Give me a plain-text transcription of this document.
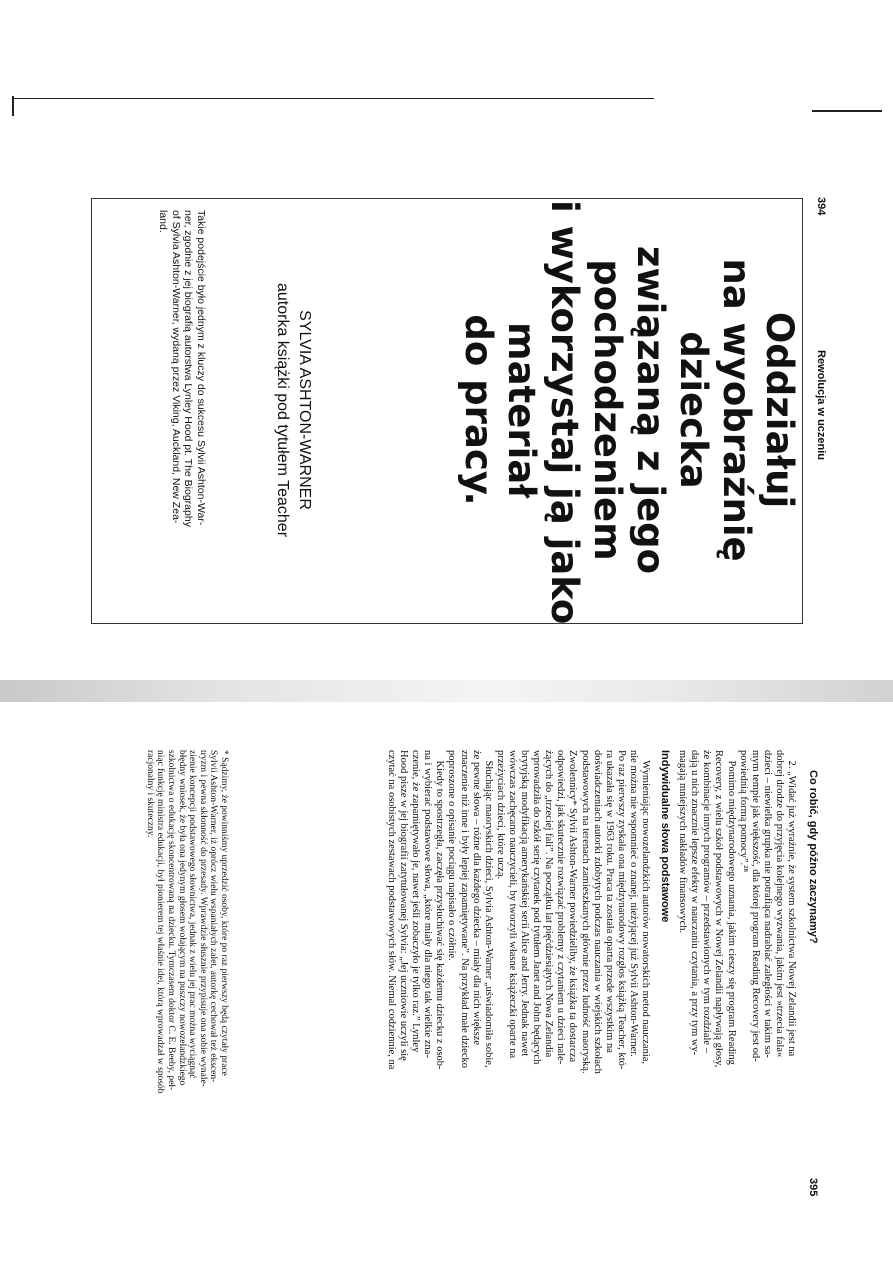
394
Rewolucja w uczeniu
Oddziałuj
na wyobraźnię
dziecka
związaną z jego
pochodzeniem
i wykorzystaj ją jako
materiał
do pracy.
SYLVIA ASHTON-WARNER
autorka książki pod tytułem Teacher
Takie podejście było jednym z kluczy do sukcesu Sylvii Ashton-War-
ner, zgodnie z jej biografią autorstwa Lynley Hood pt. The Biography
of Sylvia Ashton-Warner, wydaną przez Viking, Auckland, New Zea-
land.
Co robić, gdy późno zaczynamy?
395
2. „Widać już wyraźnie, że system szkolnictwa Nowej Zelandii jest na
dobrej drodze do przyjęcia kolejnego wyzwania, jakim jest »trzecia fala«
dzieci – niewielka grupka nie potrafiąca nadrabiać zaległości w takim sa-
mym tempie jak większość, dla której program Reading Recovery jest od-
powiednią formą pomocy”.²⁸
Pomimo międzynarodowego uznania, jakim cieszy się program Reading
Recovery, z wielu szkół podstawowych w Nowej Zelandii napływają głosy,
że kombinacje innych programów – przedstawionych w tym rozdziale –
dają u nich znacznie lepsze efekty w nauczaniu czytania, a przy tym wy-
magają mniejszych nakładów finansowych.
Indywidualne słowa podstawowe
Wymieniając nowozelandzkich autorów nowatorskich metod nauczania,
nie można nie wspomnieć o znanej, nieżyjącej już Sylvii Ashton-Warner.
Po raz pierwszy zyskała ona międzynarodowy rozgłos książką Teacher, któ-
ra ukazała się w 1963 roku. Praca ta została oparta przede wszystkim na
doświadczeniach autorki zdobytych podczas nauczania w wiejskich szkołach
podstawowych na terenach zamieszkanych głównie przez ludność maoryską.
Zwolennicy* Sylvii Ashton-Warner powiedzieliby, że książka ta dostarcza
odpowiedzi, jak skutecznie rozwiązać problemy z czytaniem u dzieci nale-
żących do „trzeciej fali”. Na początku lat pięćdziesiątych Nowa Zelandia
wprowadziła do szkół serię czytanek pod tytułem Janet and John będących
brytyjską modyfikacją amerykańskiej serii Alice and Jerry. Jednak nawet
wówczas zachęcano nauczycieli, by tworzyli własne książeczki oparte na
przeżyciach dzieci, które uczą.
Słuchając maoryskich dzieci, Sylvia Ashton-Warner „uświadomiła sobie,
że pewne słowa – różne dla każdego dziecka – miały dla nich większe
znaczenie niż inne i były lepiej zapamiętywane”. Na przykład małe dziecko
poproszone o opisanie pociągu napisało o czółnie.
Kiedy to spostrzegła, zaczęła przysłuchiwać się każdemu dziecku z osob-
na i wybierać podstawowe słowa, „które miały dla niego tak wielkie zna-
czenie, że zapamiętywało je, nawet jeśli zobaczyło je tylko raz.” Lynley
Hood pisze w jej biografii zatytułowanej Sylvia: „Jej uczniowie uczyli się
czytać na osobistych zestawach podstawowych słów. Niemal codziennie, na
* Sądzimy, że powinniśmy uprzedzić osoby, które po raz pierwszy będą czytały prace
Sylvii Ashton-Warner, iż oprócz wielu wspaniałych zalet, autorkę cechował też ekscen-
tryzm i pewna skłonność do przesady. Wprawdzie słusznie przypisuje ona sobie wynale-
zienie koncepcji podstawowego słownictwa, jednak z wielu jej prac można wyciągnąć
błędny wniosek, że była ona jedynym głosem wołającym na puszczy nowozelandzkiego
szkolnictwa o edukację skoncentrowaną na dziecku. Tymczasem doktor C. E. Beeby, peł-
niąc funkcję ministra edukacji, był pionierem tej właśnie idei, którą wprowadzał w sposób
racjonalny i skuteczny.
